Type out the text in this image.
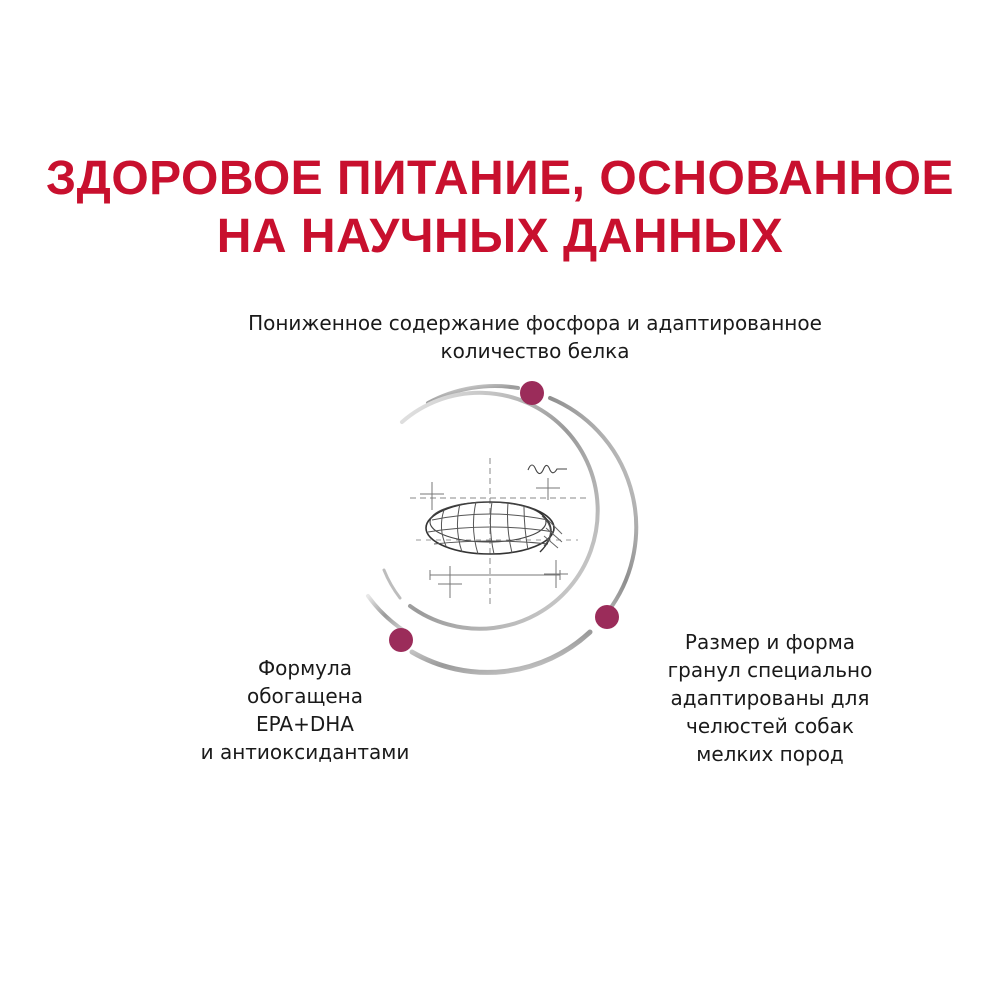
ЗДОРОВОЕ ПИТАНИЕ, ОСНОВАННОЕ
НА НАУЧНЫХ ДАННЫХ
Пониженное содержание фосфора и адаптированное
количество белка
Формула
обогащена
EPA+DHA
и антиоксидантами
Размер и форма
гранул специально
адаптированы для
челюстей собак
мелких пород
